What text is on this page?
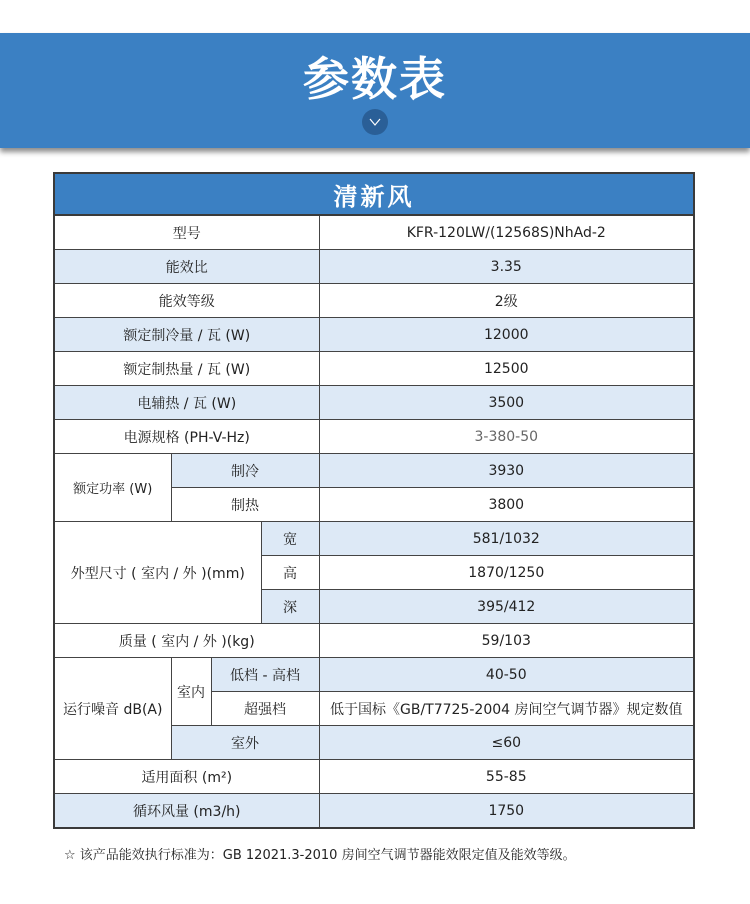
参数表
清新风				
型号				KFR-120LW/(12568S)NhAd-2
能效比				3.35
能效等级				2级
额定制冷量 / 瓦 (W)				12000
额定制热量 / 瓦 (W)				12500
电辅热 / 瓦 (W)				3500
电源规格 (PH-V-Hz)				3-380-50
额定功率 (W)	制冷			3930
	制热			3800
外型尺寸 ( 室内 / 外 )(mm)			宽	581/1032
			高	1870/1250
			深	395/412
质量 ( 室内 / 外 )(kg)				59/103
运行噪音 dB(A)	室内	低档 - 高档		40-50
		超强档		低于国标《GB/T7725-2004 房间空气调节器》规定数值
	室外			≤60
适用面积 (m²)				55-85
循环风量 (m3/h)				1750
☆ 该产品能效执行标准为：GB 12021.3-2010 房间空气调节器能效限定值及能效等级。
